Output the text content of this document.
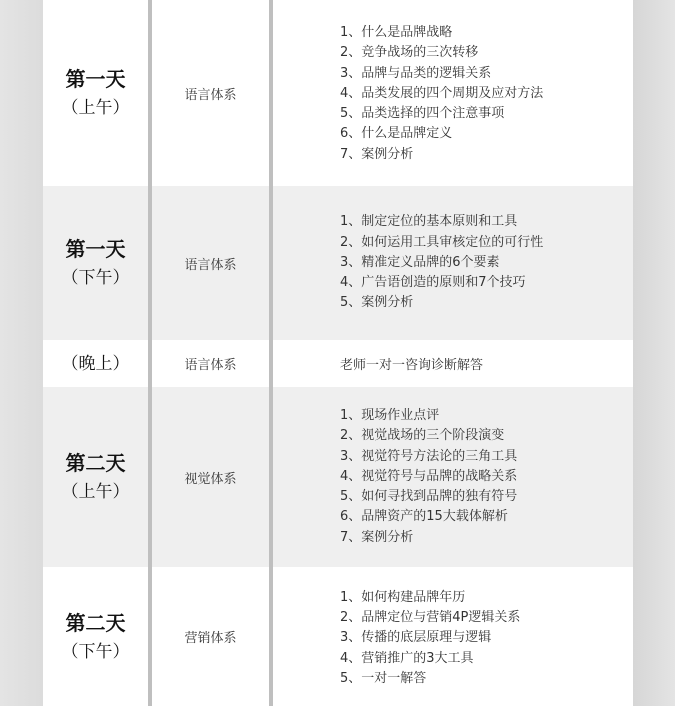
第一天
（上午）
语言体系
1、什么是品牌战略
2、竞争战场的三次转移
3、品牌与品类的逻辑关系
4、品类发展的四个周期及应对方法
5、品类选择的四个注意事项
6、什么是品牌定义
7、案例分析
第一天
（下午）
语言体系
1、制定定位的基本原则和工具
2、如何运用工具审核定位的可行性
3、精准定义品牌的6个要素
4、广告语创造的原则和7个技巧
5、案例分析
（晚上）	语言体系	老师一对一咨询诊断解答
第二天
（上午）
视觉体系
1、现场作业点评
2、视觉战场的三个阶段演变
3、视觉符号方法论的三角工具
4、视觉符号与品牌的战略关系
5、如何寻找到品牌的独有符号
6、品牌资产的15大载体解析
7、案例分析
第二天
（下午）
营销体系
1、如何构建品牌年历
2、品牌定位与营销4P逻辑关系
3、传播的底层原理与逻辑
4、营销推广的3大工具
5、一对一解答
